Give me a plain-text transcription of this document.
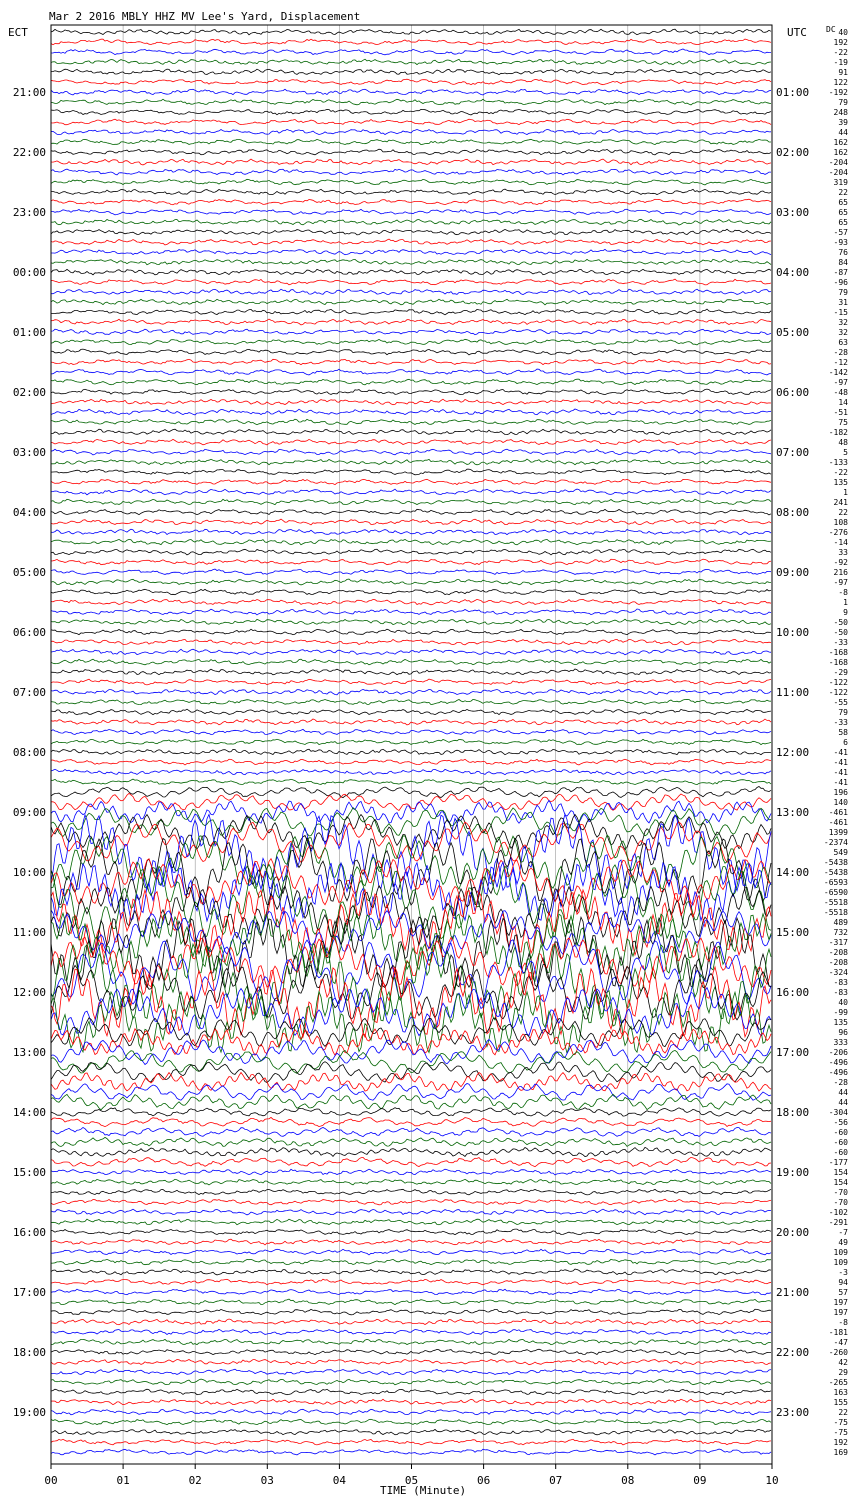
Mar 2 2016 MBLY HHZ MV Lee's Yard, Displacement
ECT	UTC DC
21:00
22:00
23:00
00:00
01:00
02:00
03:00
04:00
05:00
06:00
07:00
08:00
09:00
10:00
11:00
12:00
13:00
14:00
15:00
16:00
17:00
18:00
19:00
01:00
02:00
03:00
04:00
05:00
06:00
07:00
08:00
09:00
10:00
11:00
12:00
13:00
14:00
15:00
16:00
17:00
18:00
19:00
20:00
21:00
22:00
23:00
40
192
-22
-19
91
122
-192
79
248
39
44
162
162
-204
-204
319
22
65
65
65
-57
-93
76
84
-87
-96
79
31
-15
32
32
63
-28
-12
-142
-97
-48
14
-51
75
-182
48
5
-133
-22
135
1
241
22
108
-276
-14
33
-92
216
-97
-8
1
9
-50
-50
-33
-168
-168
-29
-122
-122
-55
79
-33
58
6
-41
-41
-41
-41
196
140
-461
-461
1399
-2374
549
-5438
-5438
-6593
-6590
-5518
-5518
489
732
-317
-208
-208
-324
-83
-83
40
-99
135
96
333
-206
-496
-496
-28
44
44
-304
-56
-60
-60
-60
-177
154
154
-70
-70
-102
-291
-7
49
109
109
-3
94
57
197
197
-8
-181
-47
-260
42
29
-265
163
155
22
-75
-75
192
169
00	01	02	03	04	05	06	07	08	09	10
TIME (Minute)
